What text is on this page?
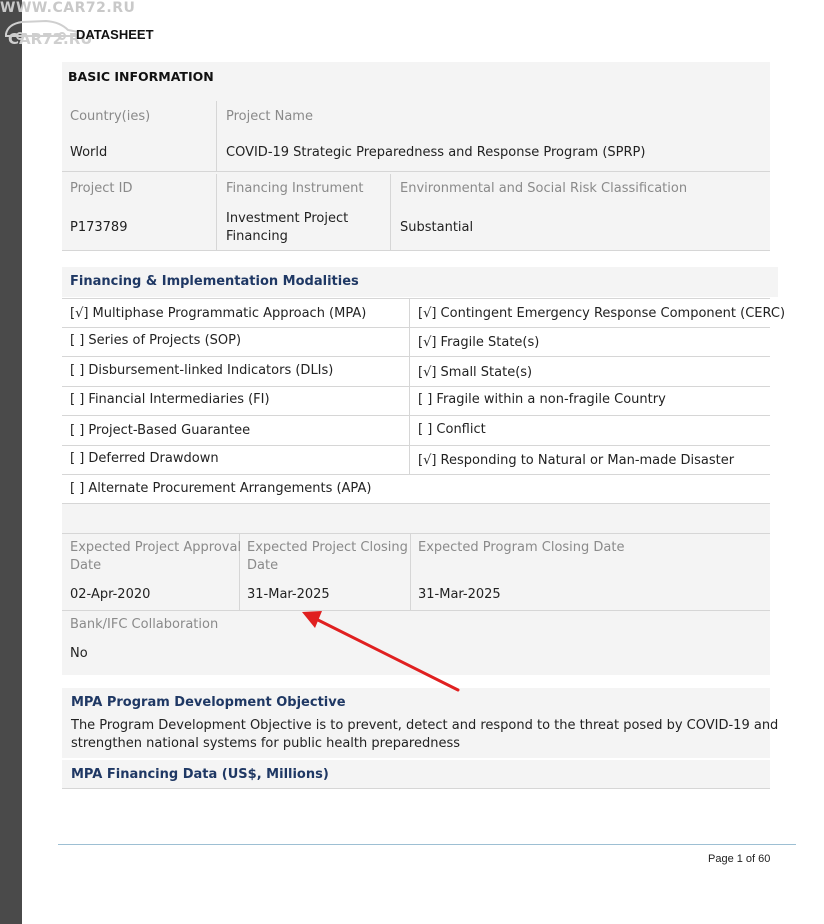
WWW.CAR72.RU
CAR72.RU
DATASHEET
BASIC INFORMATION
Country(ies)
World
Project Name
COVID-19 Strategic Preparedness and Response Program (SPRP)
Project ID
P173789
Financing Instrument
Investment Project
Financing
Environmental and Social Risk Classification
Substantial
Financing & Implementation Modalities
[√] Multiphase Programmatic Approach (MPA)
[ ] Series of Projects (SOP)
[ ] Disbursement-linked Indicators (DLIs)
[ ] Financial Intermediaries (FI)
[ ] Project-Based Guarantee
[ ] Deferred Drawdown
[ ] Alternate Procurement Arrangements (APA)
[√] Contingent Emergency Response Component (CERC)
[√] Fragile State(s)
[√] Small State(s)
[ ] Fragile within a non-fragile Country
[ ] Conflict
[√] Responding to Natural or Man-made Disaster
Expected Project Approval
Date
02-Apr-2020
Expected Project Closing
Date
31-Mar-2025
Expected Program Closing Date
31-Mar-2025
Bank/IFC Collaboration
No
MPA Program Development Objective
The Program Development Objective is to prevent, detect and respond to the threat posed by COVID-19 and
strengthen national systems for public health preparedness
MPA Financing Data (US$, Millions)
Page 1 of 60
